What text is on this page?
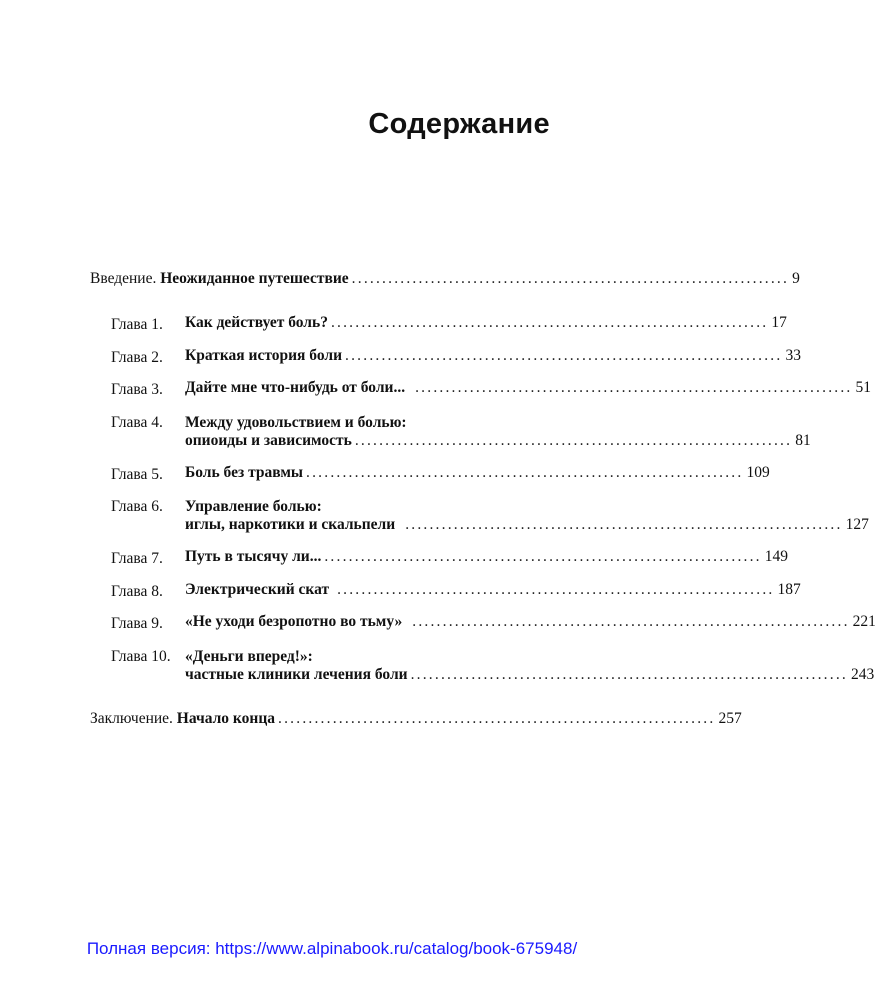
Содержание
Введение.
Неожиданное путешествие ........................................................................ 9
Глава 1. Как действует боль? ........................................................................ 17
Глава 2. Краткая история боли ........................................................................ 33
Глава 3. Дайте мне что-нибудь от боли... ........................................................................ 51
Глава 4. Между удовольствием и болью:
опиоиды и зависимость ........................................................................ 81
Глава 5. Боль без травмы ........................................................................ 109
Глава 6. Управление болью:
иглы, наркотики и скальпели ........................................................................ 127
Глава 7. Путь в тысячу ли... ........................................................................ 149
Глава 8. Электрический скат ........................................................................ 187
Глава 9. «Не уходи безропотно во тьму» ........................................................................ 221
Глава 10. «Деньги вперед!»:
частные клиники лечения боли ........................................................................ 243
Заключение.
Начало конца ........................................................................ 257
Полная версия: https://www.alpinabook.ru/catalog/book-675948/
